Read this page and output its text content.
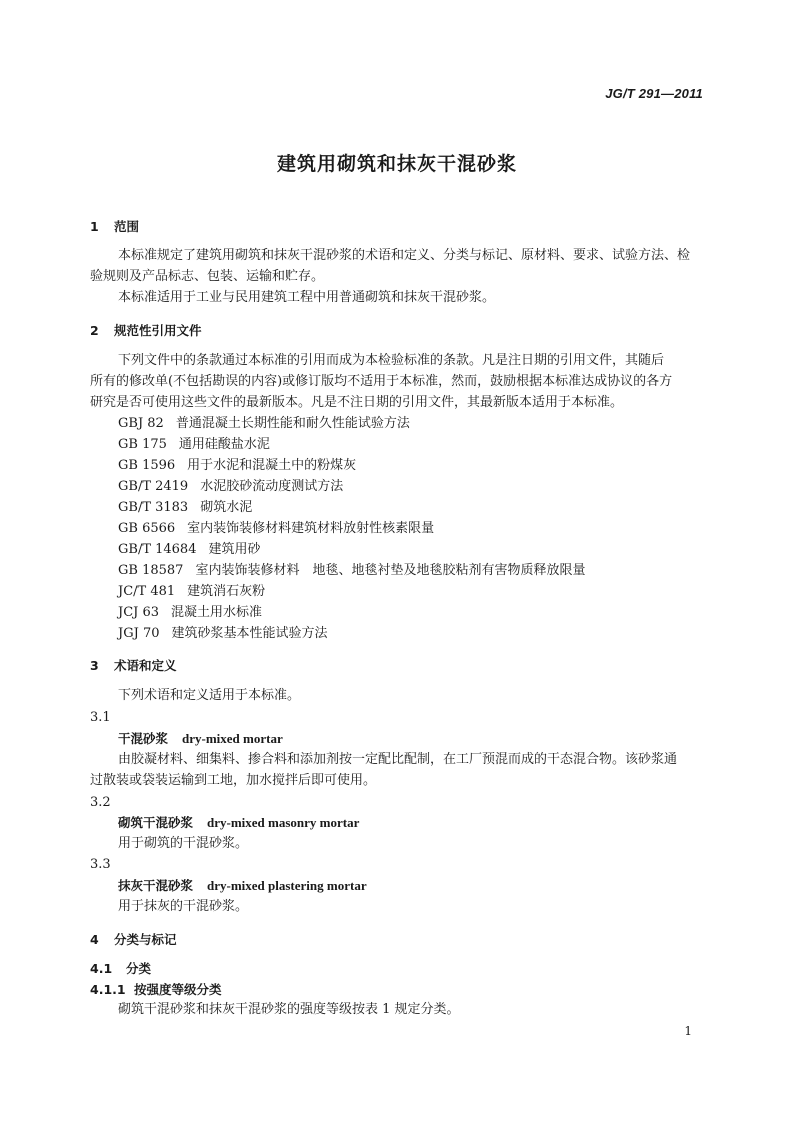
JG/T 291—2011
建筑用砌筑和抹灰干混砂浆
1 范围
本标准规定了建筑用砌筑和抹灰干混砂浆的术语和定义、分类与标记、原材料、要求、试验方法、检
验规则及产品标志、包装、运输和贮存。
本标准适用于工业与民用建筑工程中用普通砌筑和抹灰干混砂浆。
2 规范性引用文件
下列文件中的条款通过本标准的引用而成为本检验标准的条款。凡是注日期的引用文件，其随后
所有的修改单(不包括勘误的内容)或修订版均不适用于本标准，然而，鼓励根据本标准达成协议的各方
研究是否可使用这些文件的最新版本。凡是不注日期的引用文件，其最新版本适用于本标准。
GBJ 82 普通混凝土长期性能和耐久性能试验方法
GB 175 通用硅酸盐水泥
GB 1596 用于水泥和混凝土中的粉煤灰
GB/T 2419 水泥胶砂流动度测试方法
GB/T 3183 砌筑水泥
GB 6566 室内装饰装修材料建筑材料放射性核素限量
GB/T 14684 建筑用砂
GB 18587 室内装饰装修材料　地毯、地毯衬垫及地毯胶粘剂有害物质释放限量
JC/T 481 建筑消石灰粉
JCJ 63 混凝土用水标准
JGJ 70 建筑砂浆基本性能试验方法
3 术语和定义
下列术语和定义适用于本标准。
3.1
干混砂浆 dry-mixed mortar
由胶凝材料、细集料、掺合料和添加剂按一定配比配制，在工厂预混而成的干态混合物。该砂浆通
过散装或袋装运输到工地，加水搅拌后即可使用。
3.2
砌筑干混砂浆 dry-mixed masonry mortar
用于砌筑的干混砂浆。
3.3
抹灰干混砂浆 dry-mixed plastering mortar
用于抹灰的干混砂浆。
4 分类与标记
4.1 分类
4.1.1 按强度等级分类
砌筑干混砂浆和抹灰干混砂浆的强度等级按表 1 规定分类。
1
